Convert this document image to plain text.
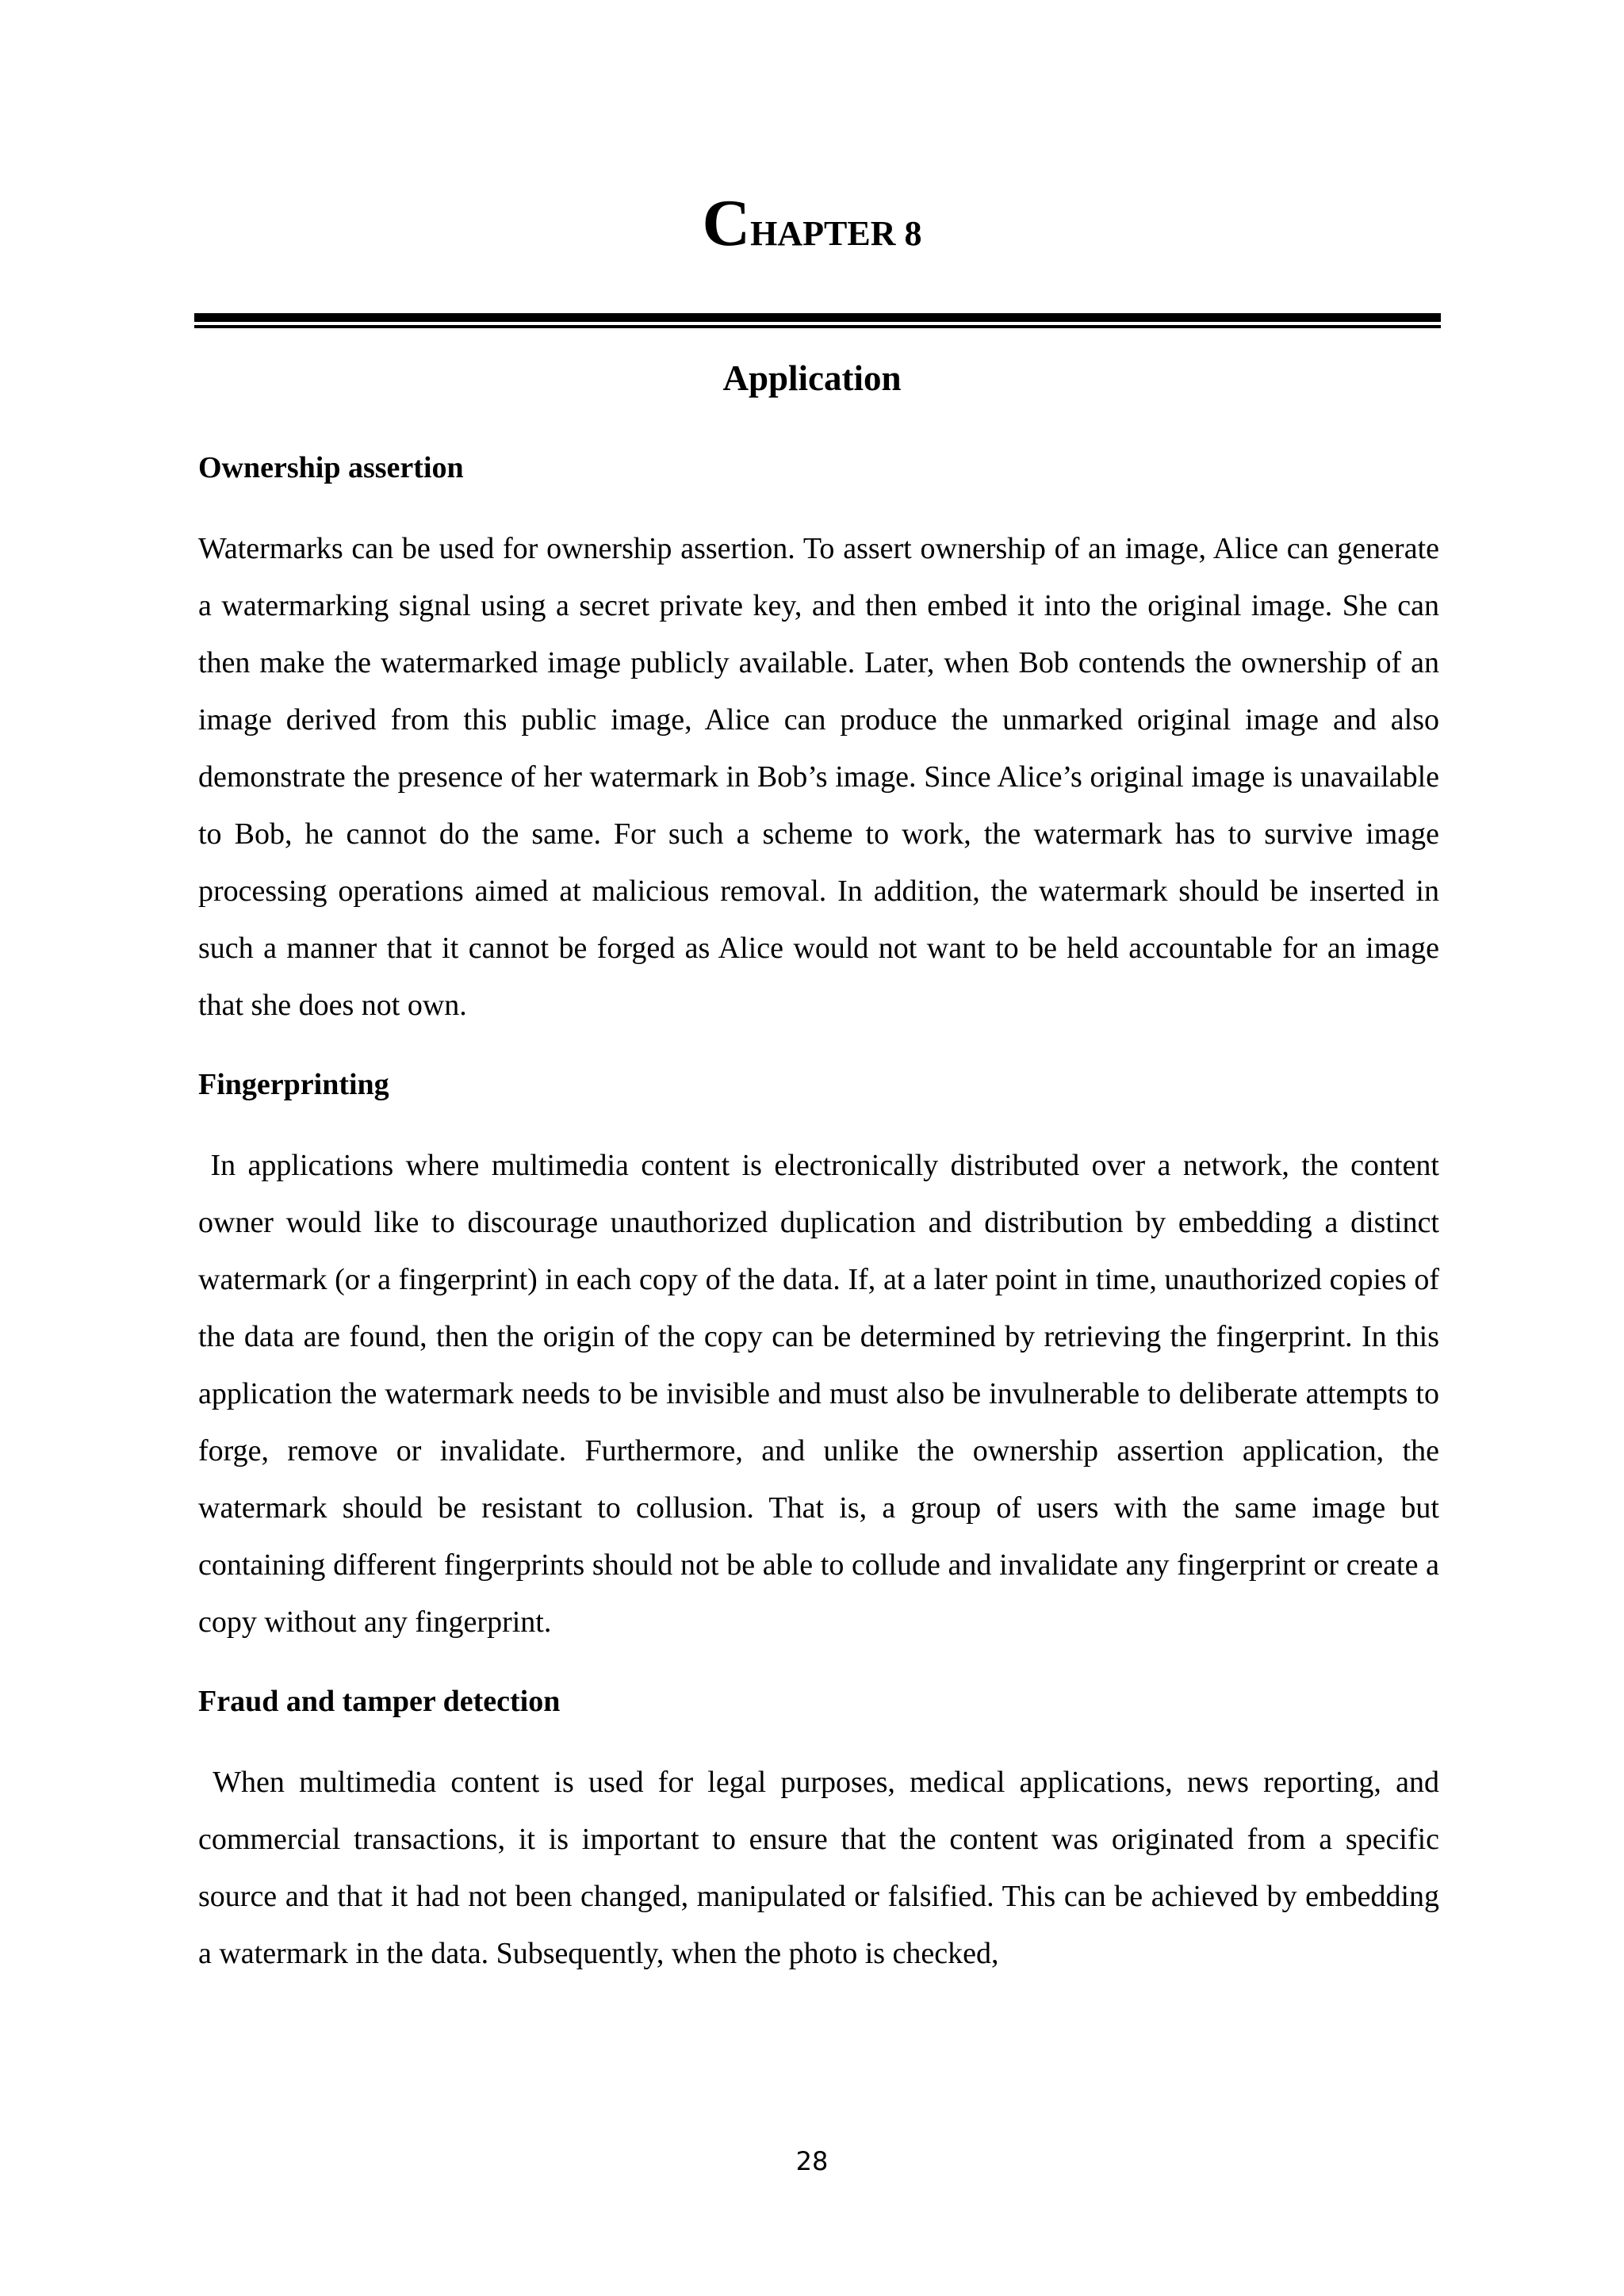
CHAPTER 8
Application

Ownership assertion

Watermarks can be used for ownership assertion. To assert ownership of an image, Alice can generate a watermarking signal using a secret private key, and then embed it into the original image. She can then make the watermarked image publicly available. Later, when Bob contends the ownership of an image derived from this public image, Alice can produce the unmarked original image and also demonstrate the presence of her watermark in Bob’s image. Since Alice’s original image is unavailable to Bob, he cannot do the same. For such a scheme to work, the watermark has to survive image processing operations aimed at malicious removal. In addition, the watermark should be inserted in such a manner that it cannot be forged as Alice would not want to be held accountable for an image that she does not own.

Fingerprinting

In applications where multimedia content is electronically distributed over a network, the content owner would like to discourage unauthorized duplication and distribution by embedding a distinct watermark (or a fingerprint) in each copy of the data. If, at a later point in time, unauthorized copies of the data are found, then the origin of the copy can be determined by retrieving the fingerprint. In this application the watermark needs to be invisible and must also be invulnerable to deliberate attempts to forge, remove or invalidate. Furthermore, and unlike the ownership assertion application, the watermark should be resistant to collusion. That is, a group of users with the same image but containing different fingerprints should not be able to collude and invalidate any fingerprint or create a copy without any fingerprint.

Fraud and tamper detection

When multimedia content is used for legal purposes, medical applications, news reporting, and commercial transactions, it is important to ensure that the content was originated from a specific source and that it had not been changed, manipulated or falsified. This can be achieved by embedding a watermark in the data. Subsequently, when the photo is checked,

28
